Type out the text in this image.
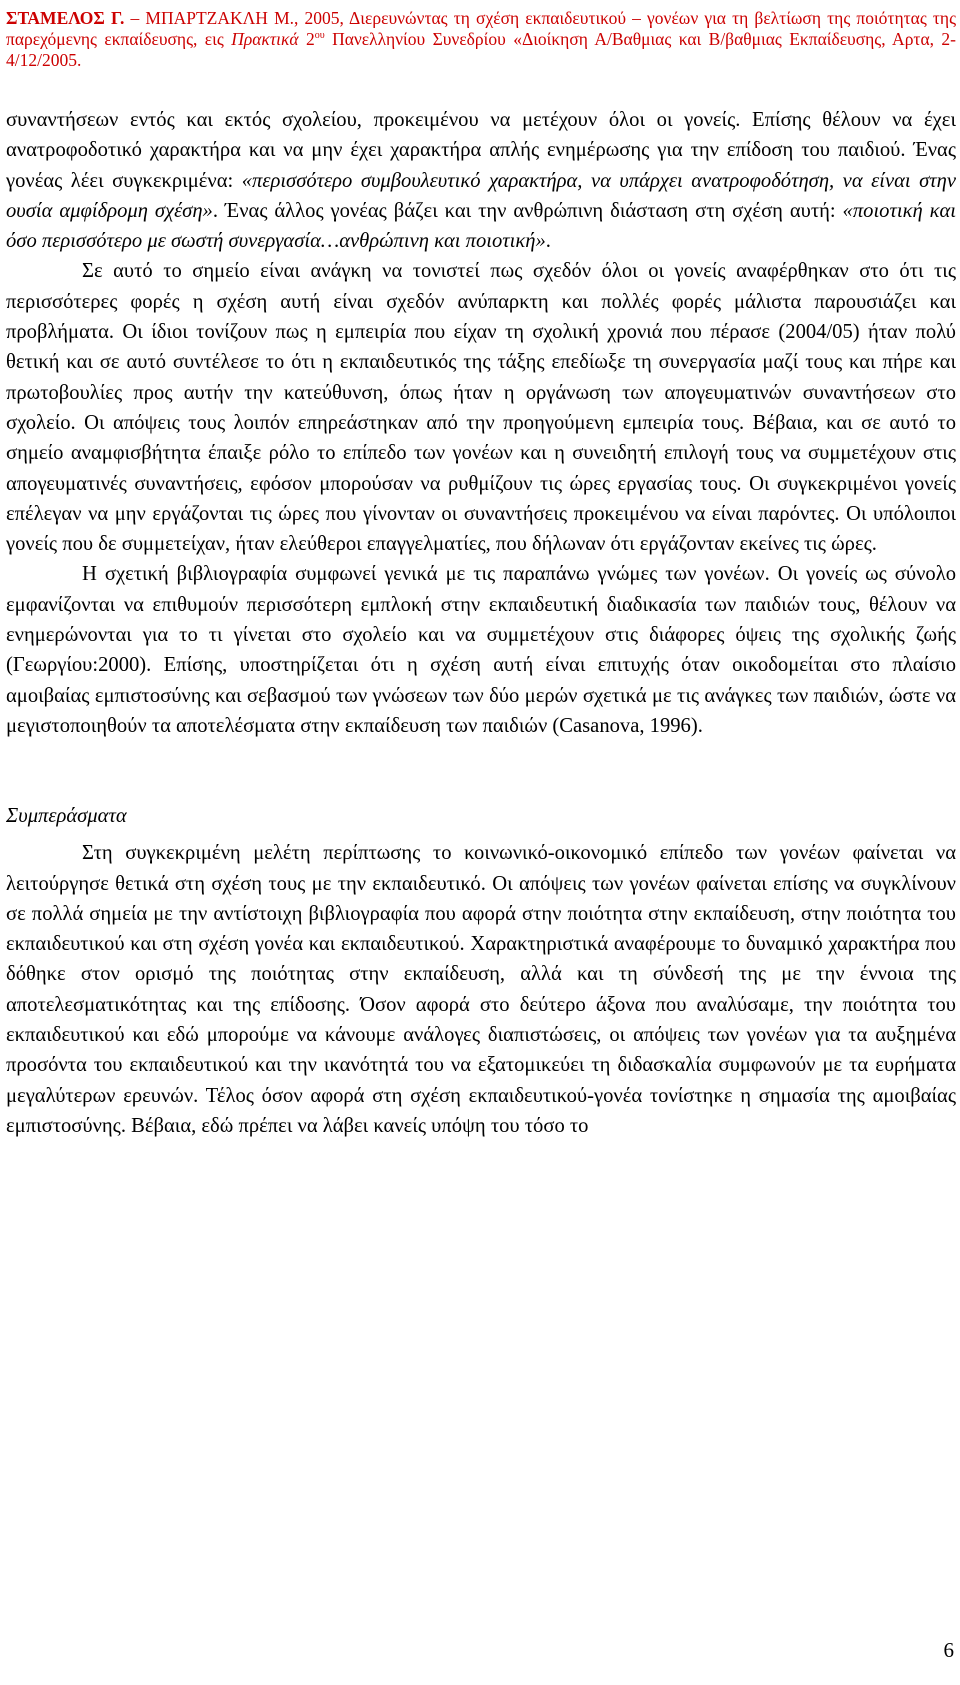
ΣΤΑΜΕΛΟΣ Γ. – ΜΠΑΡΤΖΑΚΛΗ Μ., 2005, Διερευνώντας τη σχέση εκπαιδευτικού – γονέων για τη βελτίωση της ποιότητας της παρεχόμενης εκπαίδευσης, εις Πρακτικά $2^{o\upsilon}$ Πανελληνίου Συνεδρίου «Διοίκηση Α/Βαθμιας και Β/βαθμιας Εκπαίδευσης, Αρτα, 2-4/12/2005.

συναντήσεων εντός και εκτός σχολείου, προκειμένου να μετέχουν όλοι οι γονείς. Επίσης θέλουν να έχει ανατροφοδοτικό χαρακτήρα και να μην έχει χαρακτήρα απλής ενημέρωσης για την επίδοση του παιδιού. Ένας γονέας λέει συγκεκριμένα: «περισσότερο συμβουλευτικό χαρακτήρα, να υπάρχει ανατροφοδότηση, να είναι στην ουσία αμφίδρομη σχέση». Ένας άλλος γονέας βάζει και την ανθρώπινη διάσταση στη σχέση αυτή: «ποιοτική και όσο περισσότερο με σωστή συνεργασία…ανθρώπινη και ποιοτική».

Σε αυτό το σημείο είναι ανάγκη να τονιστεί πως σχεδόν όλοι οι γονείς αναφέρθηκαν στο ότι τις περισσότερες φορές η σχέση αυτή είναι σχεδόν ανύπαρκτη και πολλές φορές μάλιστα παρουσιάζει και προβλήματα. Οι ίδιοι τονίζουν πως η εμπειρία που είχαν τη σχολική χρονιά που πέρασε (2004/05) ήταν πολύ θετική και σε αυτό συντέλεσε το ότι η εκπαιδευτικός της τάξης επεδίωξε τη συνεργασία μαζί τους και πήρε και πρωτοβουλίες προς αυτήν την κατεύθυνση, όπως ήταν η οργάνωση των απογευματινών συναντήσεων στο σχολείο. Οι απόψεις τους λοιπόν επηρεάστηκαν από την προηγούμενη εμπειρία τους. Βέβαια, και σε αυτό το σημείο αναμφισβήτητα έπαιξε ρόλο το επίπεδο των γονέων και η συνειδητή επιλογή τους να συμμετέχουν στις απογευματινές συναντήσεις, εφόσον μπορούσαν να ρυθμίζουν τις ώρες εργασίας τους. Οι συγκεκριμένοι γονείς επέλεγαν να μην εργάζονται τις ώρες που γίνονταν οι συναντήσεις προκειμένου να είναι παρόντες. Οι υπόλοιποι γονείς που δε συμμετείχαν, ήταν ελεύθεροι επαγγελματίες, που δήλωναν ότι εργάζονταν εκείνες τις ώρες.

Η σχετική βιβλιογραφία συμφωνεί γενικά με τις παραπάνω γνώμες των γονέων. Οι γονείς ως σύνολο εμφανίζονται να επιθυμούν περισσότερη εμπλοκή στην εκπαιδευτική διαδικασία των παιδιών τους, θέλουν να ενημερώνονται για το τι γίνεται στο σχολείο και να συμμετέχουν στις διάφορες όψεις της σχολικής ζωής (Γεωργίου:2000). Επίσης, υποστηρίζεται ότι η σχέση αυτή είναι επιτυχής όταν οικοδομείται στο πλαίσιο αμοιβαίας εμπιστοσύνης και σεβασμού των γνώσεων των δύο μερών σχετικά με τις ανάγκες των παιδιών, ώστε να μεγιστοποιηθούν τα αποτελέσματα στην εκπαίδευση των παιδιών (Casanova, 1996).

Συμπεράσματα

Στη συγκεκριμένη μελέτη περίπτωσης το κοινωνικό-οικονομικό επίπεδο των γονέων φαίνεται να λειτούργησε θετικά στη σχέση τους με την εκπαιδευτικό. Οι απόψεις των γονέων φαίνεται επίσης να συγκλίνουν σε πολλά σημεία με την αντίστοιχη βιβλιογραφία που αφορά στην ποιότητα στην εκπαίδευση, στην ποιότητα του εκπαιδευτικού και στη σχέση γονέα και εκπαιδευτικού. Χαρακτηριστικά αναφέρουμε το δυναμικό χαρακτήρα που δόθηκε στον ορισμό της ποιότητας στην εκπαίδευση, αλλά και τη σύνδεσή της με την έννοια της αποτελεσματικότητας και της επίδοσης. Όσον αφορά στο δεύτερο άξονα που αναλύσαμε, την ποιότητα του εκπαιδευτικού και εδώ μπορούμε να κάνουμε ανάλογες διαπιστώσεις, οι απόψεις των γονέων για τα αυξημένα προσόντα του εκπαιδευτικού και την ικανότητά του να εξατομικεύει τη διδασκαλία συμφωνούν με τα ευρήματα μεγαλύτερων ερευνών. Τέλος όσον αφορά στη σχέση εκπαιδευτικού-γονέα τονίστηκε η σημασία της αμοιβαίας εμπιστοσύνης. Βέβαια, εδώ πρέπει να λάβει κανείς υπόψη του τόσο το

6
